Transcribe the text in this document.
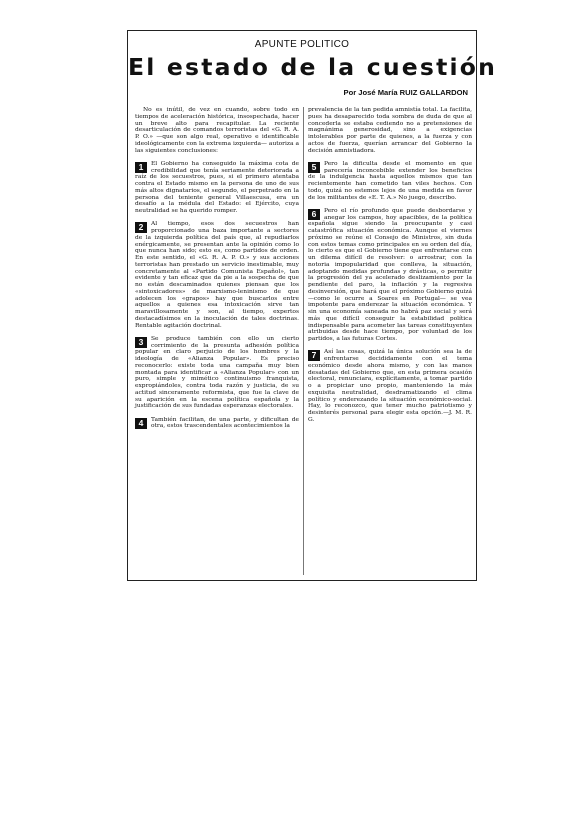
APUNTE POLITICO
El estado de la cuestión
Por José María RUIZ GALLARDON

No es inútil, de vez en cuando, sobre todo en tiempos de aceleración histórica, insospechada, hacer un breve alto para recapitular. La reciente desarticulación de comandos terroristas del «G. R. A. P. O.» —que son algo real, operativo e identificable ideológicamente con la extrema izquierda— autoriza a las siguientes conclusiones:

1	El Gobierno ha conseguido la máxima cota de credibilidad que tenía seriamente deteriorada a raíz de los secuestros, pues, si el primero atentaba contra el Estado mismo en la persona de uno de sus más altos dignatarios, el segundo, el perpetrado en la persona del teniente general Villaescusa, era un desafío a la médula del Estado: el Ejército, cuya neutralidad se ha querido romper.

2	Al tiempo, esos dos secuestros han proporcionado una baza importante a sectores de la izquierda política del país que, al repudiarlos enérgicamente, se presentan ante la opinión como lo que nunca han sido; esto es, como partidos de orden. En este sentido, el «G. R. A. P. O.» y sus acciones terroristas han prestado un servicio inestimable, muy concretamente al «Partido Comunista Español», tan evidente y tan eficaz que da pie a la sospecha de que no están descaminados quienes piensan que los «sintoxicadores» de marxismo-leninismo de que adolecen los «grapos» hay que buscarlos entre aquellos a quienes esa intoxicación sirve tan maravillosamente y son, al tiempo, expertos destacadísimos en la inoculación de tales doctrinas. Rentable agitación doctrinal.

3	Se produce también con ello un cierto corrimiento de la presunta adhesión política popular en claro perjuicio de los hombres y la ideología de «Alianza Popular». Es preciso reconocerlo: existe toda una campaña muy bien montada para identificar a «Alianza Popular» con un puro, simple y mimético continuismo franquista, expropiándoles, contra toda razón y justicia, de su actitud sinceramente reformista, que fue la clave de su aparición en la escena política española y la justificación de sus fundadas esperanzas electorales.

4	También facilitan, de una parte, y dificultan de otra, estos trascendentales acontecimientos la

prevalencia de la tan pedida amnistía total. La facilita, pues ha desaparecido toda sombra de duda de que al concederla se estaba cediendo no a pretensiones de magnánima generosidad, sino a exigencias intolerables por parte de quienes, a la fuerza y con actos de fuerza, querían arrancar del Gobierno la decisión amnistiadora.

5	Pero la dificulta desde el momento en que parecería inconcebible extender los beneficios de la indulgencia hasta aquellos mismos que tan recientemente han cometido tan viles hechos. Con todo, quizá no estemos lejos de una medida en favor de los militantes de «E. T. A.» No juego, describo.

6	Pero el río profundo que puede desbordarse y anegar los campos, hoy apacibles, de la política española sigue siendo la preocupante y casi catastrófica situación económica. Aunque el viernes próximo se reúne el Consejo de Ministros, sin duda con estos temas como principales en su orden del día, lo cierto es que el Gobierno tiene que enfrentarse con un dilema difícil de resolver: o arrostrar, con la notoria impopularidad que conlleva, la situación, adoptando medidas profundas y drásticas, o permitir la progresión del ya acelerado deslizamiento por la pendiente del paro, la inflación y la regresiva desinversión, que hará que el próximo Gobierno quizá —como le ocurre a Soares en Portugal— se vea impotente para enderezar la situación económica. Y sin una economía saneada no habrá paz social y será más que difícil conseguir la estabilidad política indispensable para acometer las tareas constituyentes atribuidas desde hace tiempo, por voluntad de los partidos, a las futuras Cortes.

7	Así las cosas, quizá la única solución sea la de enfrentarse decididamente con el tema económico desde ahora mismo, y con las manos desatadas del Gobierno que, en esta primera ocasión electoral, renunciara, explícitamente, a tomar partido o a propiciar uno propio, manteniendo la más exquisita neutralidad, desdramatizando el clima político y enderezando la situación económico-social. Hay, lo reconozco, que tener mucho patriotismo y desinterés personal para elegir esta opción.—J. M. R. G.
